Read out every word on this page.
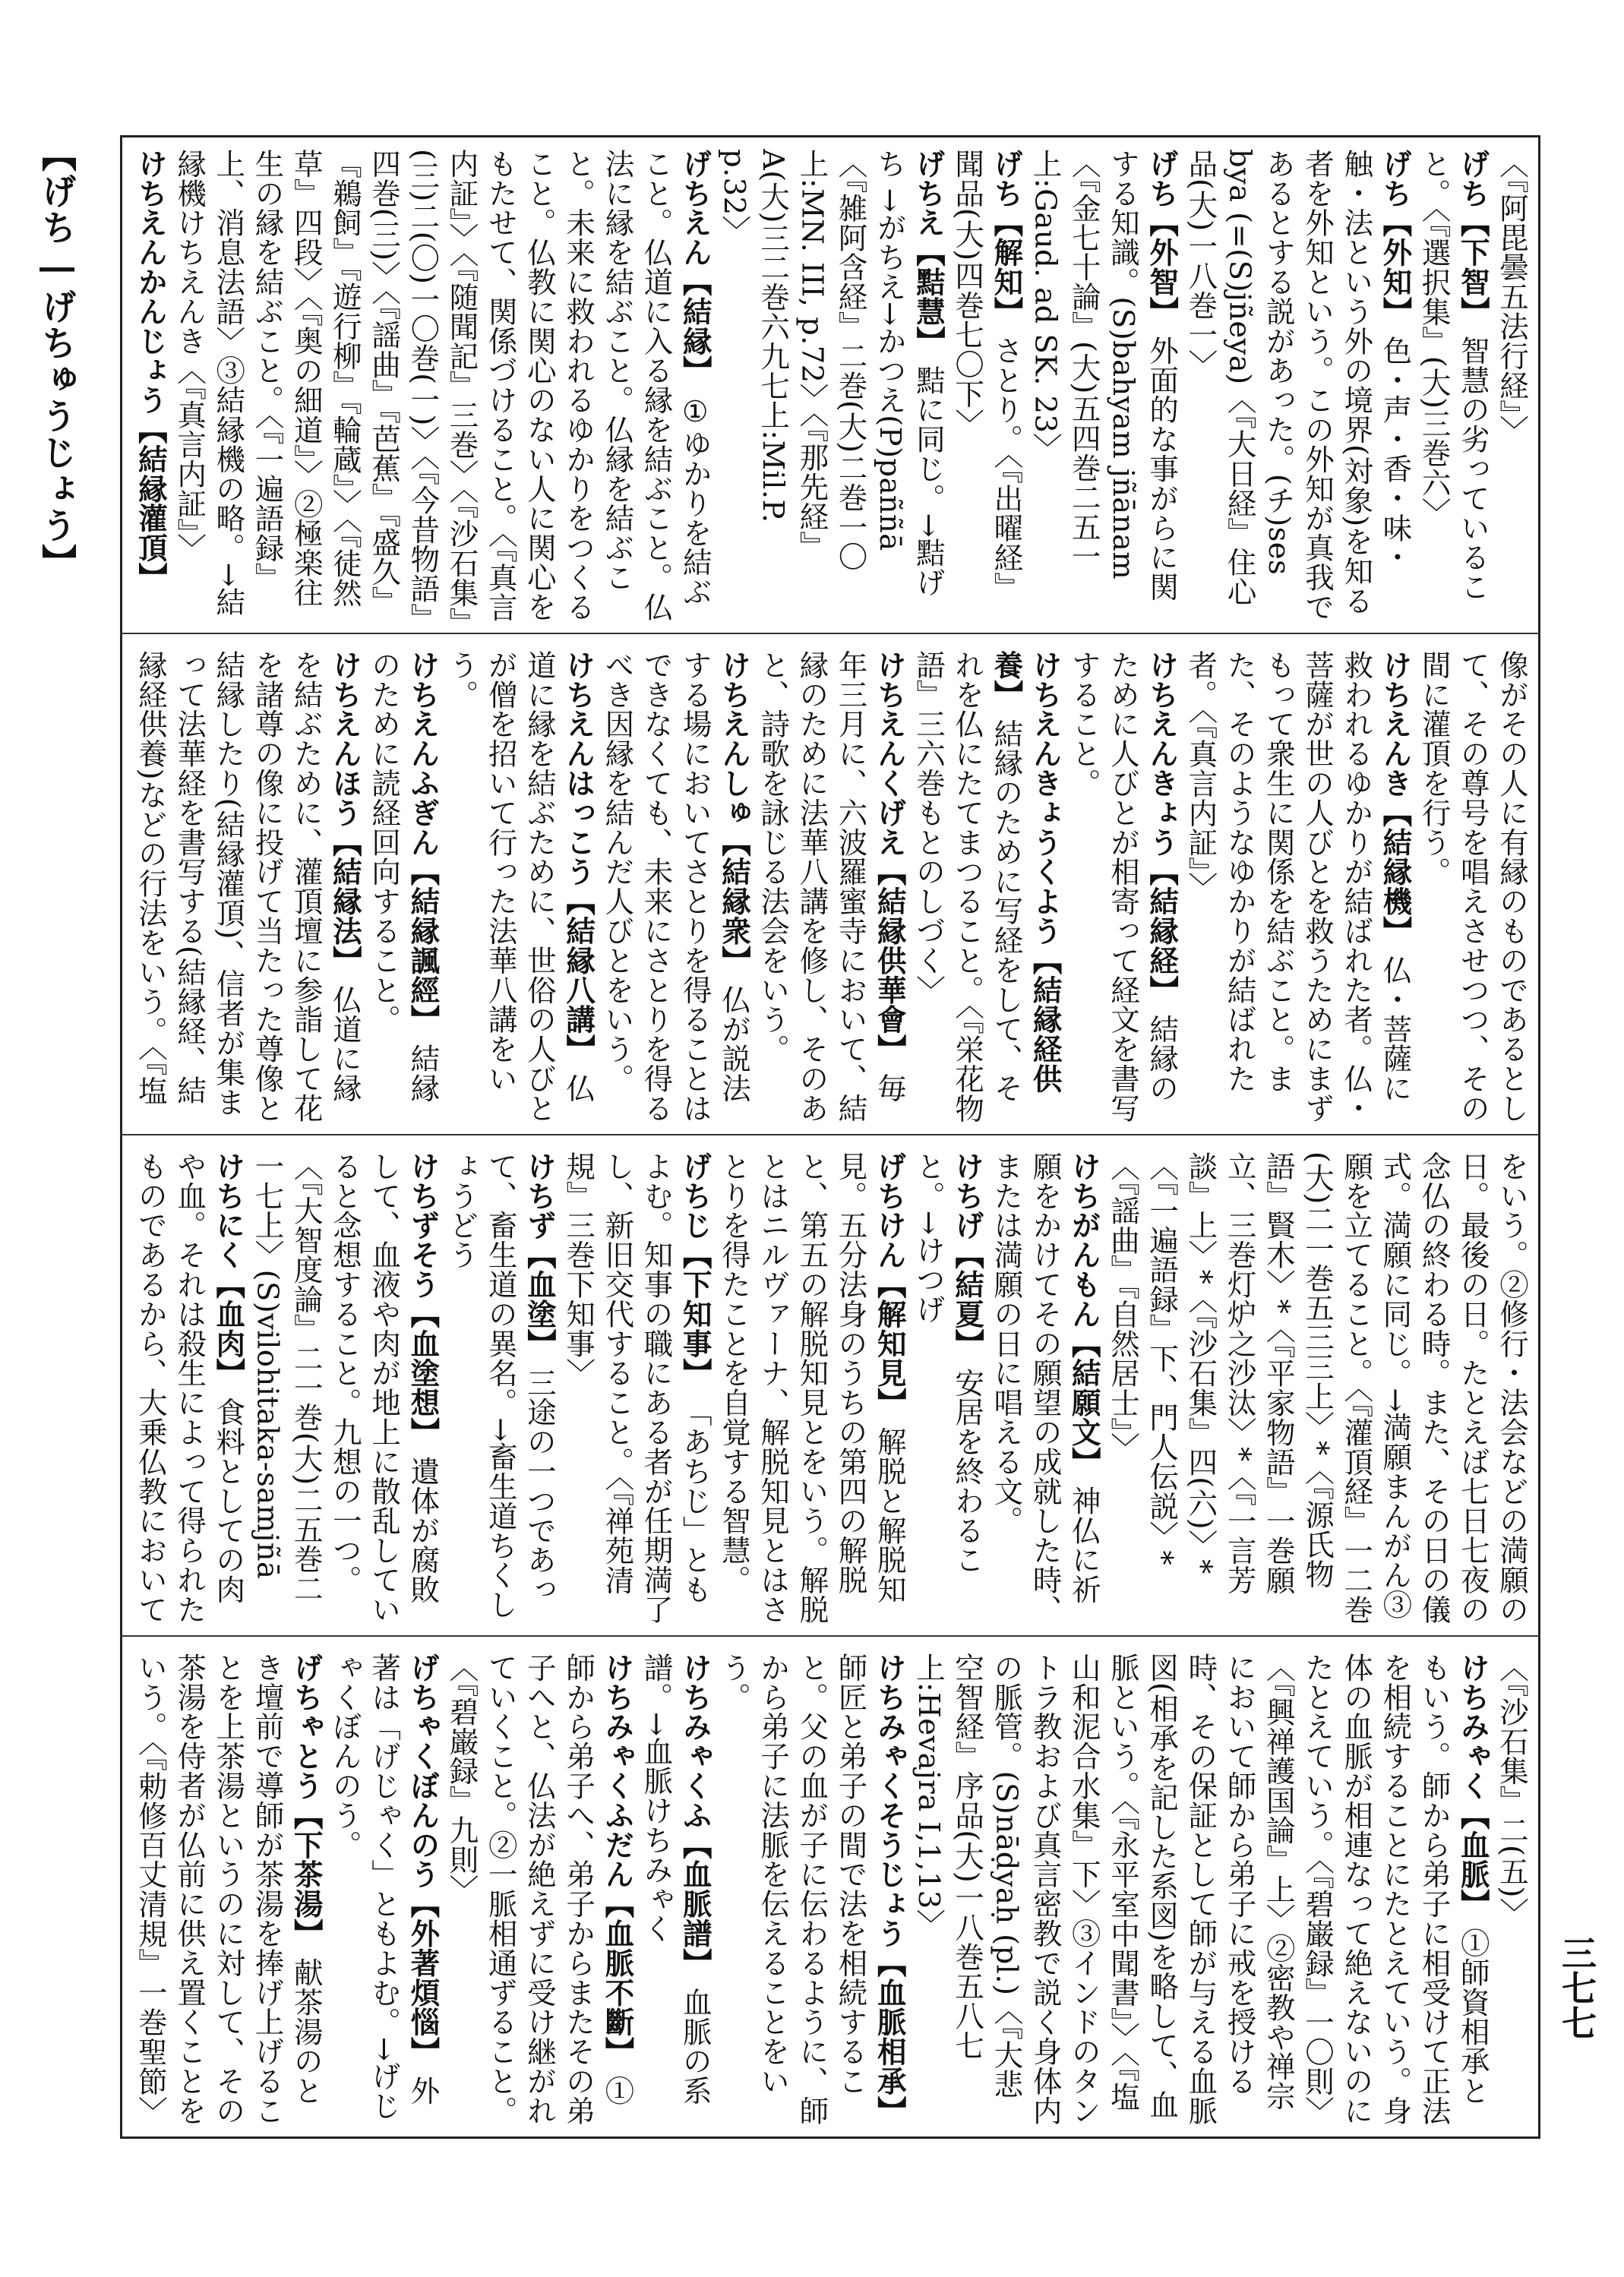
【げち―げちゅうじょう】
三七七
〈『阿毘曇五法行経』〉
げち【下智】 智慧の劣っていること。〈『選択集』(大)三巻六〉
げち【外知】 色・声・香・味・触・法という外の境界(対象)を知る者を外知という。この外知が真我であるとする説があった。(チ)ses bya (=(S)jñeya)〈『大日経』住心品(大)一八巻一〉
げち【外智】 外面的な事がらに関する知識。(S)bahyam jñānam〈『金七十論』(大)五四巻二五一上:Gaud. ad SK. 23〉
げち【解知】 さとり。〈『出曜経』聞品(大)四巻七〇下〉
げちえ【黠慧】 黠に同じ。→黠げち →がちえ→かつえ(P)paññā〈『雑阿含経』二巻(大)二巻一〇上:MN. III, p.72〉〈『那先経』A(大)三二巻六九七上:Mil.P. p.32〉
げちえん【結縁】 ①ゆかりを結ぶこと。仏道に入る縁を結ぶこと。仏法に縁を結ぶこと。仏縁を結ぶこと。未来に救われるゆかりをつくること。仏教に関心のない人に関心をもたせて、関係づけること。〈『真言内証』〉〈『随聞記』三巻〉〈『沙石集』(三)二(〇)一〇巻(一)〉〈『今昔物語』四巻(三)〉〈『謡曲』『芭蕉』『盛久』『鵜飼』『遊行柳』『輪蔵』〉〈『徒然草』四段〉〈『奥の細道』〉②極楽往生の縁を結ぶこと。〈『一遍語録』上、消息法語〉③結縁機の略。→結縁機けちえんき〈『真言内証』〉
けちえんかんじょう【結縁灌頂】
像がその人に有縁のものであるとして、その尊号を唱えさせつつ、その間に灌頂を行う。
けちえんき【結縁機】 仏・菩薩に救われるゆかりが結ばれた者。仏・菩薩が世の人びとを救うためにまずもって衆生に関係を結ぶこと。また、そのようなゆかりが結ばれた者。〈『真言内証』〉
けちえんきょう【結縁経】 結縁のために人びとが相寄って経文を書写すること。
けちえんきょうくよう【結縁経供養】 結縁のために写経をして、それを仏にたてまつること。〈『栄花物語』三六巻もとのしづく〉
けちえんくげえ【結縁供華會】 毎年三月に、六波羅蜜寺において、結縁のために法華八講を修し、そのあと、詩歌を詠じる法会をいう。
けちえんしゅ【結縁衆】 仏が説法する場においてさとりを得ることはできなくても、未来にさとりを得るべき因縁を結んだ人びとをいう。
けちえんはっこう【結縁八講】 仏道に縁を結ぶために、世俗の人びとが僧を招いて行った法華八講をいう。
けちえんふぎん【結縁諷經】 結縁のために読経回向すること。
けちえんほう【結縁法】 仏道に縁を結ぶために、灌頂壇に参詣して花を諸尊の像に投げて当たった尊像と結縁したり(結縁灌頂)、信者が集まって法華経を書写する(結縁経、結縁経供養)などの行法をいう。〈『塩

をいう。②修行・法会などの満願の日。最後の日。たとえば七日七夜の念仏の終わる時。また、その日の儀式。満願に同じ。→満願まんがん③願を立てること。〈『灌頂経』一二巻(大)二一巻五三三上〉*〈『源氏物語』賢木〉*〈『平家物語』一巻願立、三巻灯炉之沙汰〉*〈『一言芳談』上〉*〈『沙石集』四(六)〉*〈『一遍語録』下、門人伝説〉*〈『謡曲』『自然居士』〉
けちがんもん【結願文】 神仏に祈願をかけてその願望の成就した時、または満願の日に唱える文。
けちげ【結夏】 安居を終わること。→けつげ
げちけん【解知見】 解脱と解脱知見。五分法身のうちの第四の解脱と、第五の解脱知見とをいう。解脱とはニルヴァーナ、解脱知見とはさとりを得たことを自覚する智慧。
げちじ【下知事】 「あちじ」ともよむ。知事の職にある者が任期満了し、新旧交代すること。〈『禅苑清規』三巻下知事〉
けちず【血塗】 三途の一つであって、畜生道の異名。→畜生道ちくしょうどう
けちずそう【血塗想】 遺体が腐敗して、血液や肉が地上に散乱していると念想すること。九想の一つ。〈『大智度論』二一巻(大)二五巻二一七上〉(S)vilohitaka-samjñā
けちにく【血肉】 食料としての肉や血。それは殺生によって得られたものであるから、大乗仏教において

〈『沙石集』二(五)〉
けちみゃく【血脈】 ①師資相承ともいう。師から弟子に相受けて正法を相続することにたとえていう。身体の血脈が相連なって絶えないのにたとえていう。〈『碧巌録』一〇則〉〈『興禅護国論』上〉②密教や禅宗において師から弟子に戒を授ける時、その保証として師が与える血脈図(相承を記した系図)を略して、血脈という。〈『永平室中聞書』〉〈『塩山和泥合水集』下〉③インドのタントラ教および真言密教で説く身体内の脈管。(S)nāḍyaḥ (pl.)〈『大悲空智経』序品(大)一八巻五八七上:Hevajra I,1,13〉
けちみゃくそうじょう【血脈相承】 師匠と弟子の間で法を相続すること。父の血が子に伝わるように、師から弟子に法脈を伝えることをいう。
けちみゃくふ【血脈譜】 血脈の系譜。→血脈けちみゃく
けちみゃくふだん【血脈不斷】 ①師から弟子へ、弟子からまたその弟子へと、仏法が絶えずに受け継がれていくこと。②一脈相通ずること。〈『碧巌録』九則〉
げちゃくぼんのう【外著煩惱】 外著は「げじゃく」ともよむ。→げじゃくぼんのう。
げちゃとう【下茶湯】 献茶湯のとき壇前で導師が茶湯を捧げ上げることを上茶湯というのに対して、その茶湯を侍者が仏前に供え置くことをいう。〈『勅修百丈清規』一巻聖節〉
